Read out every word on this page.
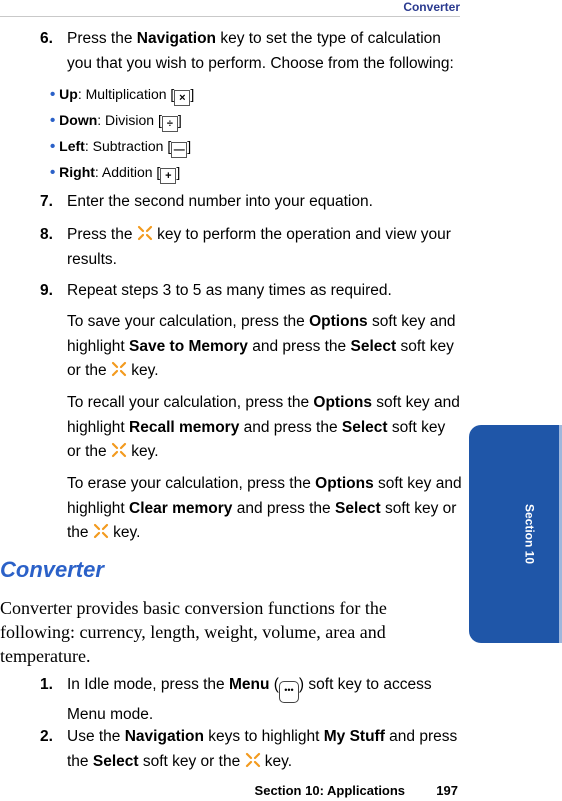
Converter
6. Press the Navigation key to set the type of calculation you that you wish to perform. Choose from the following:
• Up: Multiplication [ × ]
• Down: Division [ ÷ ]
• Left: Subtraction [ — ]
• Right: Addition [ + ]
7. Enter the second number into your equation.
8. Press the  key to perform the operation and view your results.
9. Repeat steps 3 to 5 as many times as required.
To save your calculation, press the Options soft key and highlight Save to Memory and press the Select soft key or the  key.
To recall your calculation, press the Options soft key and highlight Recall memory and press the Select soft key or the  key.
To erase your calculation, press the Options soft key and highlight Clear memory and press the Select soft key or the  key.
Converter
Converter provides basic conversion functions for the following: currency, length, weight, volume, area and temperature.
1. In Idle mode, press the Menu ( ••• ) soft key to access Menu mode.
2. Use the Navigation keys to highlight My Stuff and press the Select soft key or the  key.
Section 10
Section 10: Applications 197
